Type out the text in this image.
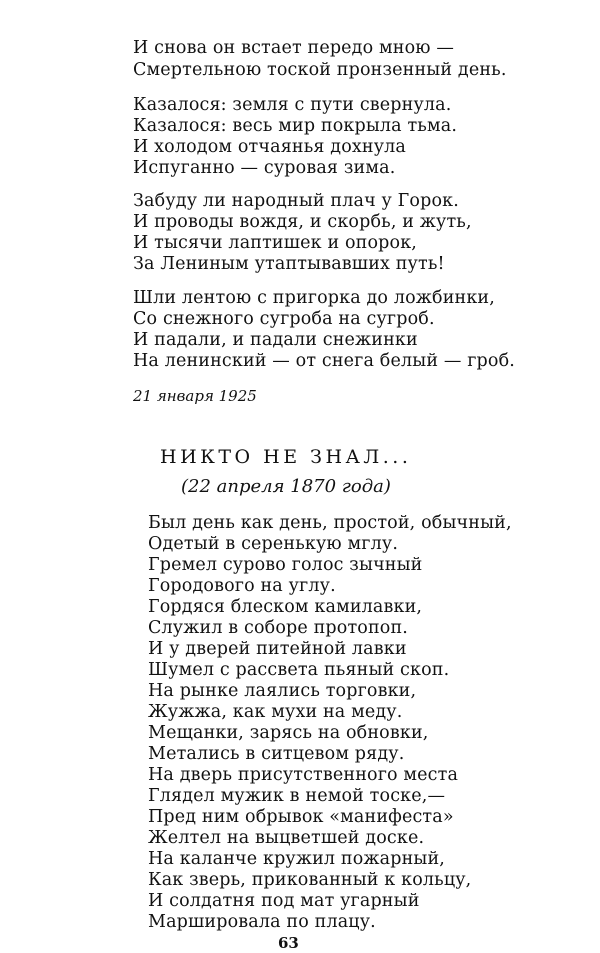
И снова он встает передо мною —
Смертельною тоской пронзенный день.
Казалося: земля с пути свернула.
Казалося: весь мир покрыла тьма.
И холодом отчаянья дохнула
Испуганно — суровая зима.
Забуду ли народный плач у Горок.
И проводы вождя, и скорбь, и жуть,
И тысячи лаптишек и опорок,
За Лениным утаптывавших путь!
Шли лентою с пригорка до ложбинки,
Со снежного сугроба на сугроб.
И падали, и падали снежинки
На ленинский — от снега белый — гроб.
21 января 1925
НИКТО НЕ ЗНАЛ...
(22 апреля 1870 года)
Был день как день, простой, обычный,
Одетый в серенькую мглу.
Гремел сурово голос зычный
Городового на углу.
Гордяся блеском камилавки,
Служил в соборе протопоп.
И у дверей питейной лавки
Шумел с рассвета пьяный скоп.
На рынке лаялись торговки,
Жужжа, как мухи на меду.
Мещанки, зарясь на обновки,
Метались в ситцевом ряду.
На дверь присутственного места
Глядел мужик в немой тоске,—
Пред ним обрывок «манифеста»
Желтел на выцветшей доске.
На каланче кружил пожарный,
Как зверь, прикованный к кольцу,
И солдатня под мат угарный
Маршировала по плацу.
63
